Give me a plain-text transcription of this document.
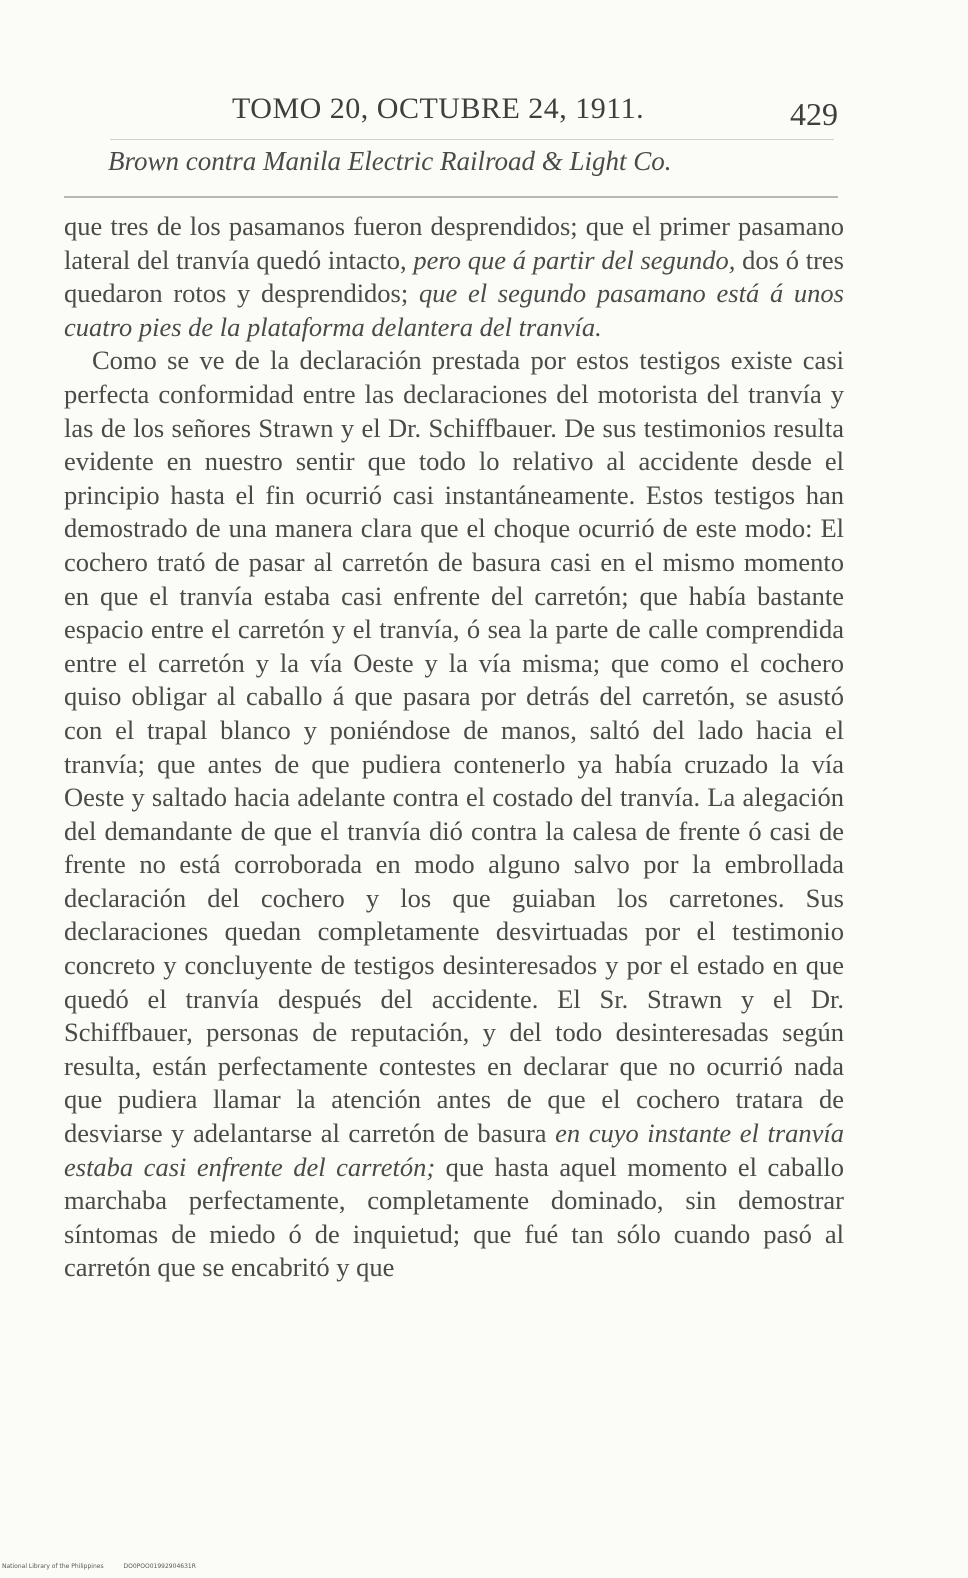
TOMO 20, OCTUBRE 24, 1911.	429
Brown contra Manila Electric Railroad & Light Co.

que tres de los pasamanos fueron desprendidos; que el primer pasamano lateral del tranvía quedó intacto, pero que á partir del segundo, dos ó tres quedaron rotos y desprendidos; que el segundo pasamano está á unos cuatro pies de la plataforma delantera del tranvía.

Como se ve de la declaración prestada por estos testigos existe casi perfecta conformidad entre las declaraciones del motorista del tranvía y las de los señores Strawn y el Dr. Schiffbauer. De sus testimonios resulta evidente en nuestro sentir que todo lo relativo al accidente desde el principio hasta el fin ocurrió casi instantáneamente. Estos testigos han demostrado de una manera clara que el choque ocurrió de este modo: El cochero trató de pasar al carretón de basura casi en el mismo momento en que el tranvía estaba casi enfrente del carretón; que había bastante espacio entre el carretón y el tranvía, ó sea la parte de calle comprendida entre el carretón y la vía Oeste y la vía misma; que como el cochero quiso obligar al caballo á que pasara por detrás del carretón, se asustó con el trapal blanco y poniéndose de manos, saltó del lado hacia el tranvía; que antes de que pudiera contenerlo ya había cruzado la vía Oeste y saltado hacia adelante contra el costado del tranvía. La alegación del demandante de que el tranvía dió contra la calesa de frente ó casi de frente no está corroborada en modo alguno salvo por la embrollada declaración del cochero y los que guiaban los carretones. Sus declaraciones quedan completamente desvirtuadas por el testimonio concreto y concluyente de testigos desinteresados y por el estado en que quedó el tranvía después del accidente. El Sr. Strawn y el Dr. Schiffbauer, personas de reputación, y del todo desinteresadas según resulta, están perfectamente contestes en declarar que no ocurrió nada que pudiera llamar la atención antes de que el cochero tratara de desviarse y adelantarse al carretón de basura en cuyo instante el tranvía estaba casi enfrente del carretón; que hasta aquel momento el caballo marchaba perfectamente, completamente dominado, sin demostrar síntomas de miedo ó de inquietud; que fué tan sólo cuando pasó al carretón que se encabritó y que

National Library of the Philippines	DO0POO01992904631R
